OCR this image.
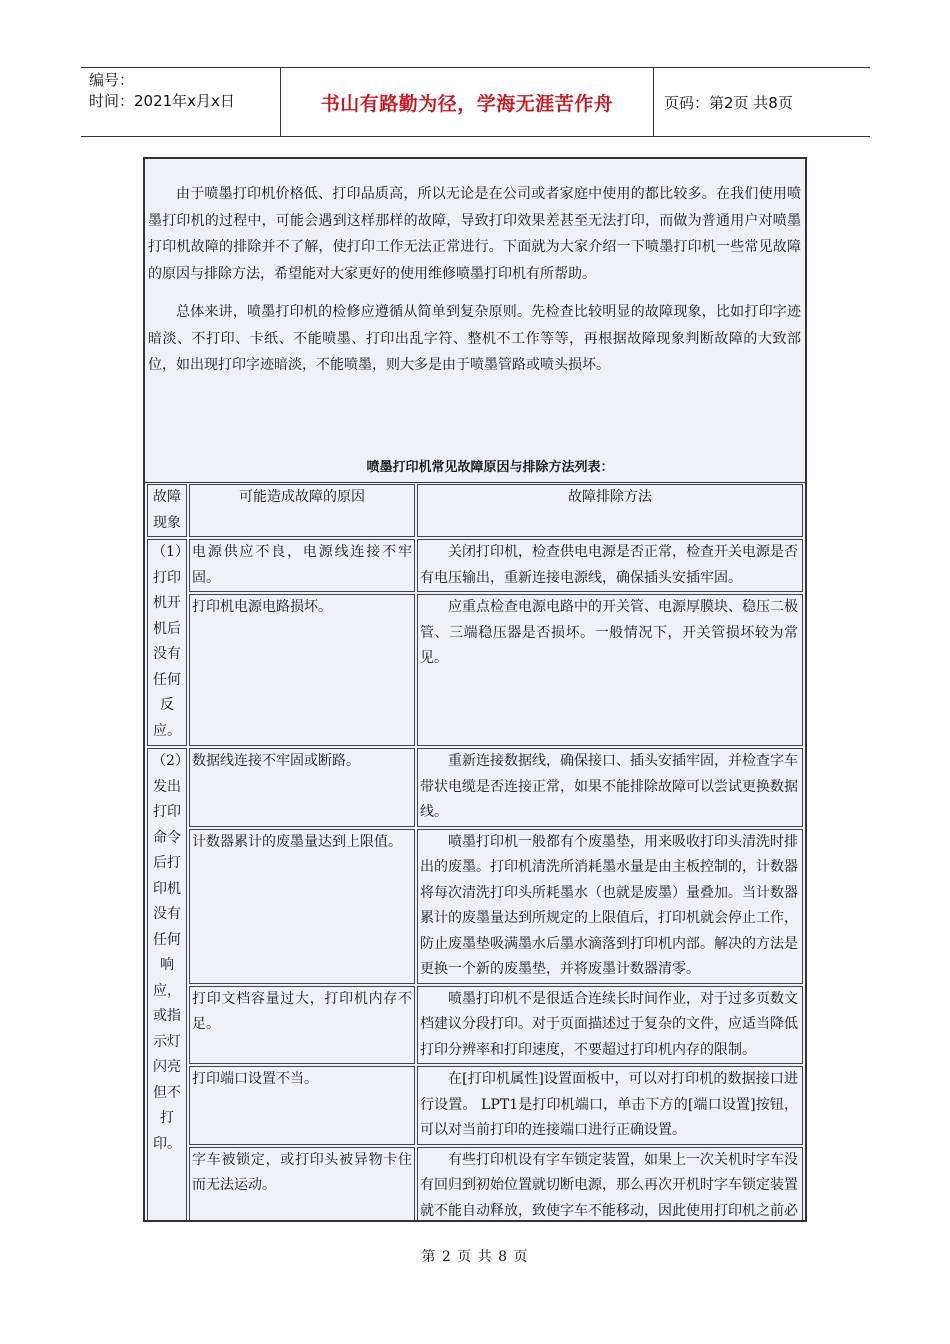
编号：
时间：2021年x月x日	书山有路勤为径，学海无涯苦作舟	页码：第2页 共8页

由于喷墨打印机价格低、打印品质高，所以无论是在公司或者家庭中使用的都比较多。在我们使用喷墨打印机的过程中，可能会遇到这样那样的故障，导致打印效果差甚至无法打印，而做为普通用户对喷墨打印机故障的排除并不了解，使打印工作无法正常进行。下面就为大家介绍一下喷墨打印机一些常见故障的原因与排除方法，希望能对大家更好的使用维修喷墨打印机有所帮助。

总体来讲，喷墨打印机的检修应遵循从简单到复杂原则。先检查比较明显的故障现象，比如打印字迹暗淡、不打印、卡纸、不能喷墨、打印出乱字符、整机不工作等等，再根据故障现象判断故障的大致部位，如出现打印字迹暗淡，不能喷墨，则大多是由于喷墨管路或喷头损坏。

喷墨打印机常见故障原因与排除方法列表：
故障现象	可能造成故障的原因	故障排除方法
（1）打印机开机后没有任何反应。	电源供应不良，电源线连接不牢固。	关闭打印机，检查供电电源是否正常，检查开关电源是否有电压输出，重新连接电源线，确保插头安插牢固。
	打印机电源电路损坏。	应重点检查电源电路中的开关管、电源厚膜块、稳压二极管、三端稳压器是否损坏。一般情况下，开关管损坏较为常见。
（2）发出打印命令后打印机没有任何响应，或指示灯闪亮但不打印。	数据线连接不牢固或断路。	重新连接数据线，确保接口、插头安插牢固，并检查字车带状电缆是否连接正常，如果不能排除故障可以尝试更换数据线。
	计数器累计的废墨量达到上限值。	喷墨打印机一般都有个废墨垫，用来吸收打印头清洗时排出的废墨。打印机清洗所消耗墨水量是由主板控制的，计数器将每次清洗打印头所耗墨水（也就是废墨）量叠加。当计数器累计的废墨量达到所规定的上限值后，打印机就会停止工作，防止废墨垫吸满墨水后墨水滴落到打印机内部。解决的方法是更换一个新的废墨垫，并将废墨计数器清零。
	打印文档容量过大，打印机内存不足。	喷墨打印机不是很适合连续长时间作业，对于过多页数文档建议分段打印。对于页面描述过于复杂的文件，应适当降低打印分辨率和打印速度，不要超过打印机内存的限制。
	打印端口设置不当。	在[打印机属性]设置面板中，可以对打印机的数据接口进行设置。 LPT1是打印机端口，单击下方的[端口设置]按钮，可以对当前打印的连接端口进行正确设置。
	字车被锁定，或打印头被异物卡住而无法运动。	有些打印机设有字车锁定装置，如果上一次关机时字车没有回归到初始位置就切断电源，那么再次开机时字车锁定装置就不能自动释放，致使字车不能移动，因此使用打印机之前必
第 2 页 共 8 页
